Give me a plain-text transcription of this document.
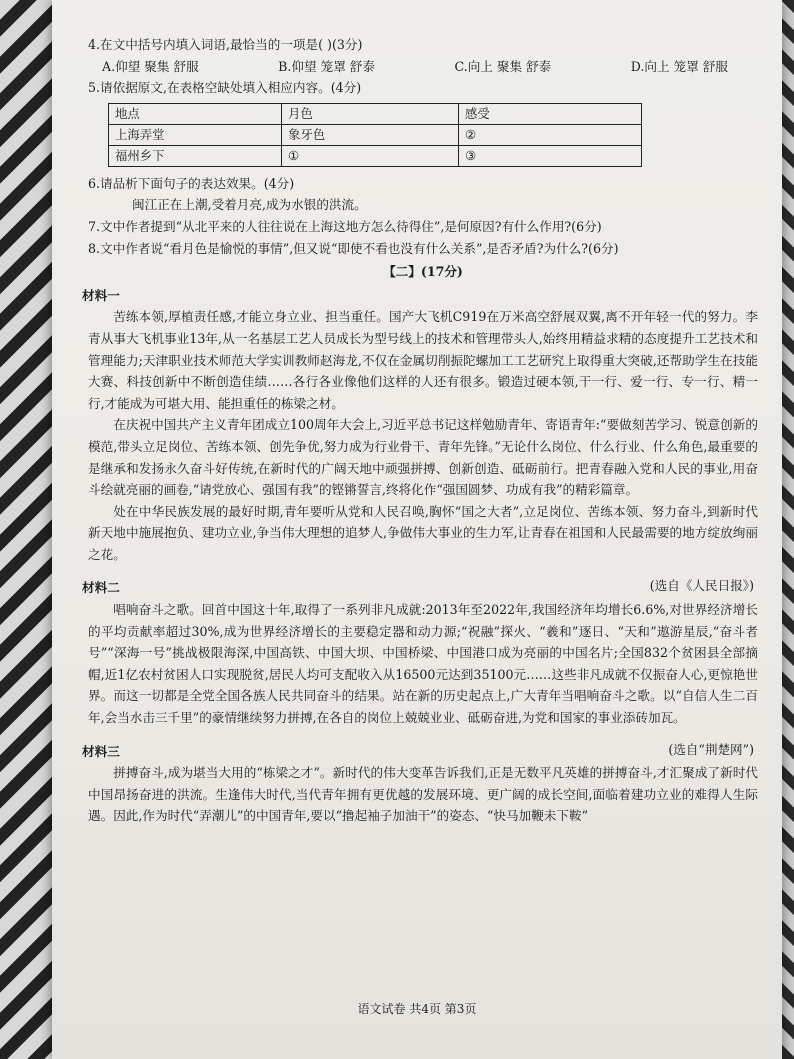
4.在文中括号内填入词语,最恰当的一项是( )(3分)

A.仰望 聚集 舒服	B.仰望 笼罩 舒泰	C.向上 聚集 舒泰	D.向上 笼罩 舒服

5.请依据原文,在表格空缺处填入相应内容。(4分)

地点	月色	感受
上海弄堂	象牙色	②
福州乡下	①	③

6.请品析下面句子的表达效果。(4分)

闽江正在上潮,受着月亮,成为水银的洪流。

7.文中作者提到“从北平来的人往往说在上海这地方怎么待得住”,是何原因?有什么作用?(6分)

8.文中作者说“看月色是愉悦的事情”,但又说“即使不看也没有什么关系”,是否矛盾?为什么?(6分)

【二】(17分)

材料一

苦练本领,厚植责任感,才能立身立业、担当重任。国产大飞机C919在万米高空舒展双翼,离不开年轻一代的努力。李青从事大飞机事业13年,从一名基层工艺人员成长为型号线上的技术和管理带头人,始终用精益求精的态度提升工艺技术和管理能力;天津职业技术师范大学实训教师赵海龙,不仅在金属切削振陀螺加工工艺研究上取得重大突破,还帮助学生在技能大赛、科技创新中不断创造佳绩……各行各业像他们这样的人还有很多。锻造过硬本领,干一行、爱一行、专一行、精一行,才能成为可堪大用、能担重任的栋梁之材。

在庆祝中国共产主义青年团成立100周年大会上,习近平总书记这样勉励青年、寄语青年:“要做刻苦学习、锐意创新的模范,带头立足岗位、苦练本领、创先争优,努力成为行业骨干、青年先锋。”无论什么岗位、什么行业、什么角色,最重要的是继承和发扬永久奋斗好传统,在新时代的广阔天地中顽强拼搏、创新创造、砥砺前行。把青春融入党和人民的事业,用奋斗绘就亮丽的画卷,“请党放心、强国有我”的铿锵誓言,终将化作“强国圆梦、功成有我”的精彩篇章。

处在中华民族发展的最好时期,青年要听从党和人民召唤,胸怀“国之大者”,立足岗位、苦练本领、努力奋斗,到新时代新天地中施展抱负、建功立业,争当伟大理想的追梦人,争做伟大事业的生力军,让青春在祖国和人民最需要的地方绽放绚丽之花。

材料二	(选自《人民日报》)

唱响奋斗之歌。回首中国这十年,取得了一系列非凡成就:2013年至2022年,我国经济年均增长6.6%,对世界经济增长的平均贡献率超过30%,成为世界经济增长的主要稳定器和动力源;“祝融”探火、“羲和”逐日、“天和”遨游星辰,“奋斗者号”“深海一号”挑战极限海深,中国高铁、中国大坝、中国桥梁、中国港口成为亮丽的中国名片;全国832个贫困县全部摘帽,近1亿农村贫困人口实现脱贫,居民人均可支配收入从16500元达到35100元……这些非凡成就不仅振奋人心,更惊艳世界。而这一切都是全党全国各族人民共同奋斗的结果。站在新的历史起点上,广大青年当唱响奋斗之歌。以“自信人生二百年,会当水击三千里”的豪情继续努力拼搏,在各自的岗位上兢兢业业、砥砺奋进,为党和国家的事业添砖加瓦。

材料三	(选自“荆楚网”)

拼搏奋斗,成为堪当大用的“栋梁之才”。新时代的伟大变革告诉我们,正是无数平凡英雄的拼搏奋斗,才汇聚成了新时代中国昂扬奋进的洪流。生逢伟大时代,当代青年拥有更优越的发展环境、更广阔的成长空间,面临着建功立业的难得人生际遇。因此,作为时代“弄潮儿”的中国青年,要以“撸起袖子加油干”的姿态、“快马加鞭未下鞍”

语文试卷 共4页 第3页
